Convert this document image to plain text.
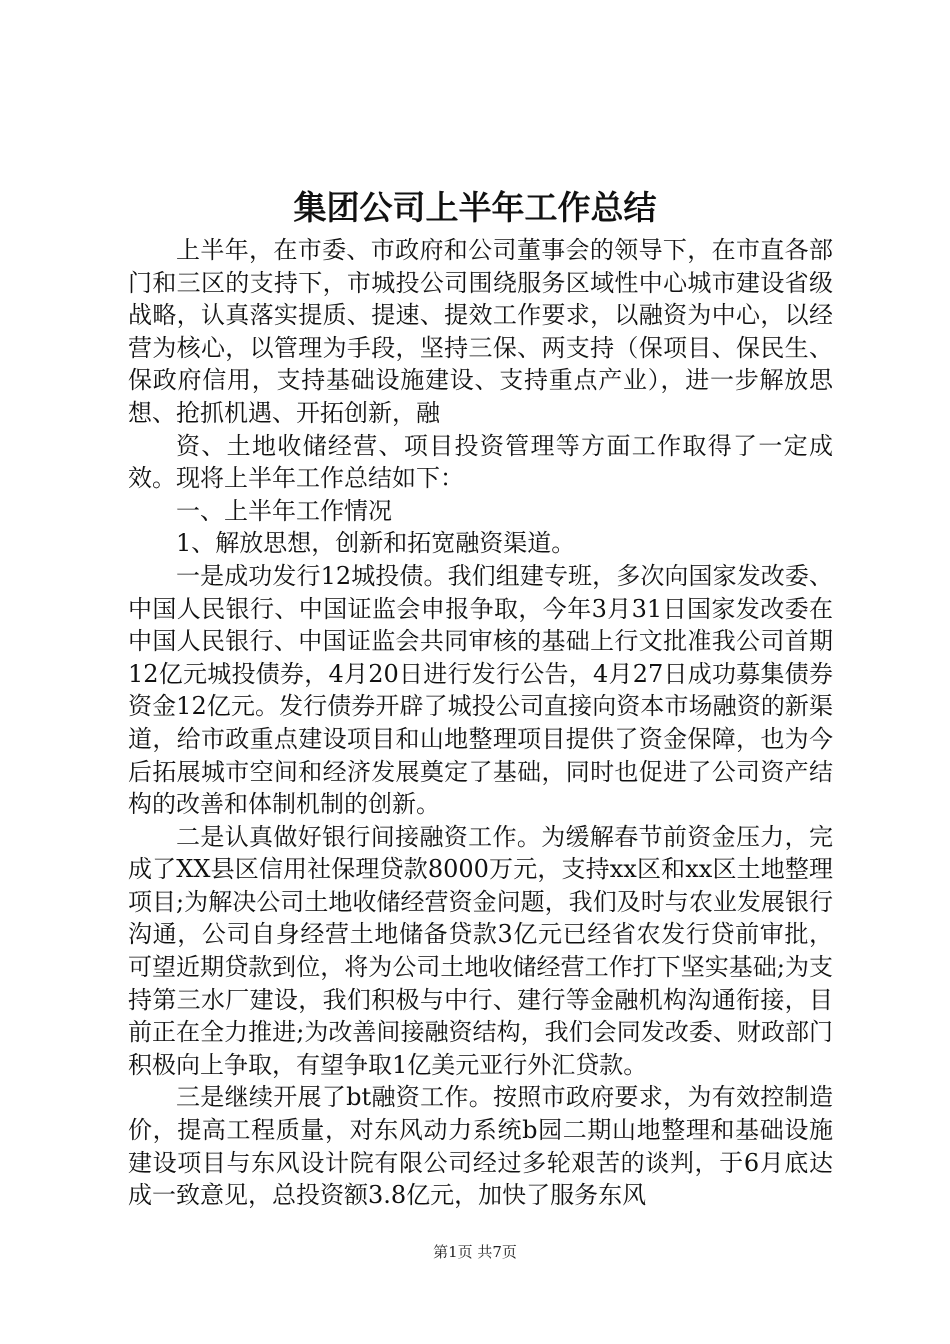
集团公司上半年工作总结

上半年，在市委、市政府和公司董事会的领导下，在市直各部门和三区的支持下，市城投公司围绕服务区域性中心城市建设省级战略，认真落实提质、提速、提效工作要求，以融资为中心，以经营为核心，以管理为手段，坚持三保、两支持（保项目、保民生、保政府信用，支持基础设施建设、支持重点产业），进一步解放思想、抢抓机遇、开拓创新，融

资、土地收储经营、项目投资管理等方面工作取得了一定成效。现将上半年工作总结如下：

一、上半年工作情况

1、解放思想，创新和拓宽融资渠道。

一是成功发行12城投债。我们组建专班，多次向国家发改委、中国人民银行、中国证监会申报争取，今年3月31日国家发改委在中国人民银行、中国证监会共同审核的基础上行文批准我公司首期12亿元城投债券，4月20日进行发行公告，4月27日成功募集债券资金12亿元。发行债券开辟了城投公司直接向资本市场融资的新渠道，给市政重点建设项目和山地整理项目提供了资金保障，也为今后拓展城市空间和经济发展奠定了基础，同时也促进了公司资产结构的改善和体制机制的创新。

二是认真做好银行间接融资工作。为缓解春节前资金压力，完成了XX县区信用社保理贷款8000万元，支持xx区和xx区土地整理项目;为解决公司土地收储经营资金问题，我们及时与农业发展银行沟通，公司自身经营土地储备贷款3亿元已经省农发行贷前审批，可望近期贷款到位，将为公司土地收储经营工作打下坚实基础;为支持第三水厂建设，我们积极与中行、建行等金融机构沟通衔接，目前正在全力推进;为改善间接融资结构，我们会同发改委、财政部门积极向上争取，有望争取1亿美元亚行外汇贷款。

三是继续开展了bt融资工作。按照市政府要求，为有效控制造价，提高工程质量，对东风动力系统b园二期山地整理和基础设施建设项目与东风设计院有限公司经过多轮艰苦的谈判，于6月底达成一致意见，总投资额3.8亿元，加快了服务东风

第1页 共7页
